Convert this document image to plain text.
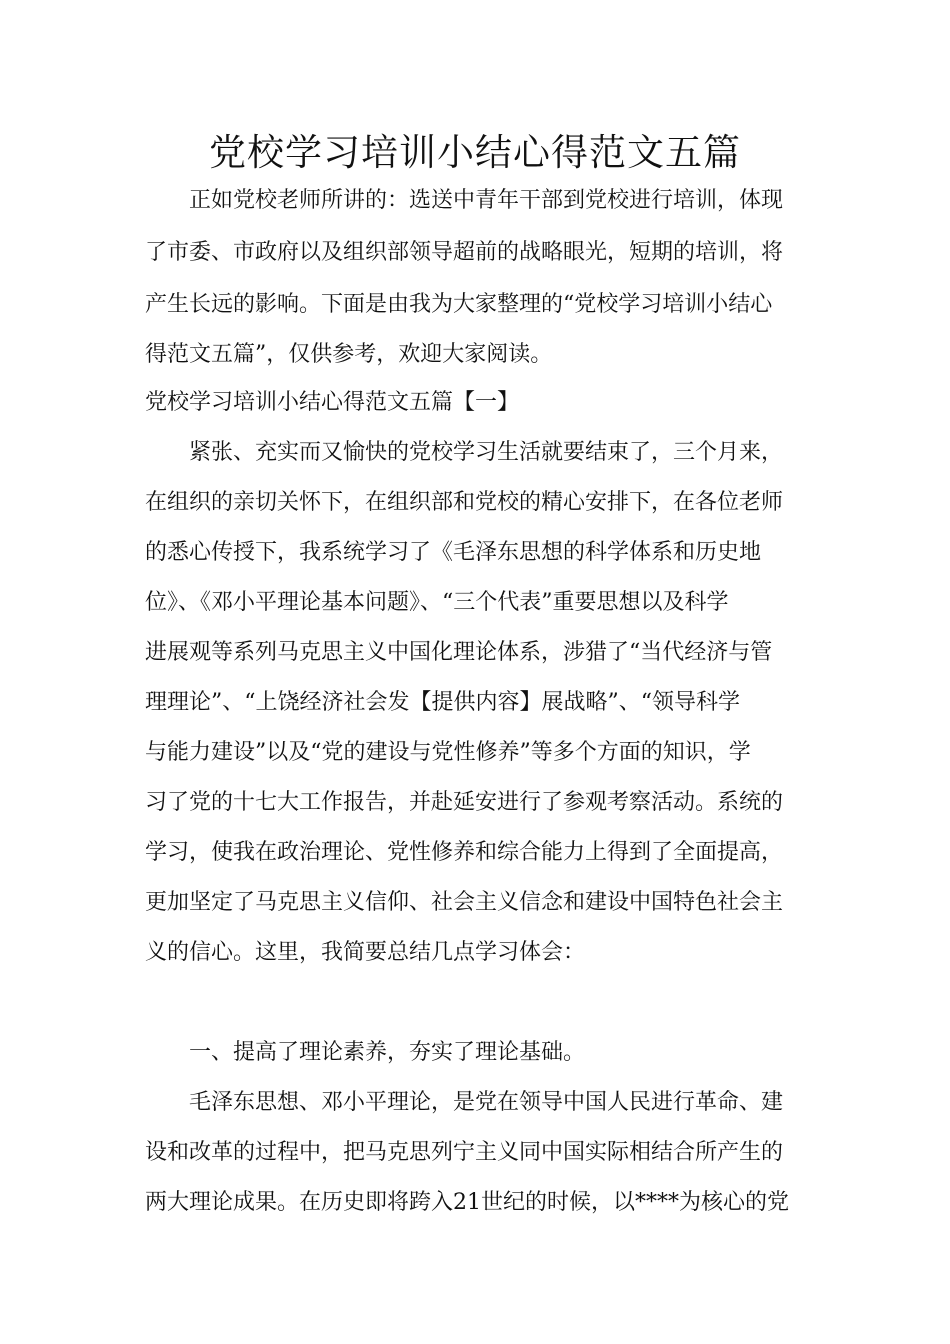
党校学习培训小结心得范文五篇
正如党校老师所讲的：选送中青年干部到党校进行培训，体现
了市委、市政府以及组织部领导超前的战略眼光，短期的培训，将
产生长远的影响。下面是由我为大家整理的“党校学习培训小结心
得范文五篇”，仅供参考，欢迎大家阅读。
党校学习培训小结心得范文五篇【一】
紧张、充实而又愉快的党校学习生活就要结束了，三个月来，
在组织的亲切关怀下，在组织部和党校的精心安排下，在各位老师
的悉心传授下，我系统学习了《毛泽东思想的科学体系和历史地
位》、《邓小平理论基本问题》、“三个代表”重要思想以及科学
进展观等系列马克思主义中国化理论体系，涉猎了“当代经济与管
理理论”、“上饶经济社会发【提供内容】展战略”、“领导科学
与能力建设”以及“党的建设与党性修养”等多个方面的知识，学
习了党的十七大工作报告，并赴延安进行了参观考察活动。系统的
学习，使我在政治理论、党性修养和综合能力上得到了全面提高，
更加坚定了马克思主义信仰、社会主义信念和建设中国特色社会主
义的信心。这里，我简要总结几点学习体会：
一、提高了理论素养，夯实了理论基础。
毛泽东思想、邓小平理论，是党在领导中国人民进行革命、建
设和改革的过程中，把马克思列宁主义同中国实际相结合所产生的
两大理论成果。在历史即将跨入21世纪的时候，以****为核心的党
